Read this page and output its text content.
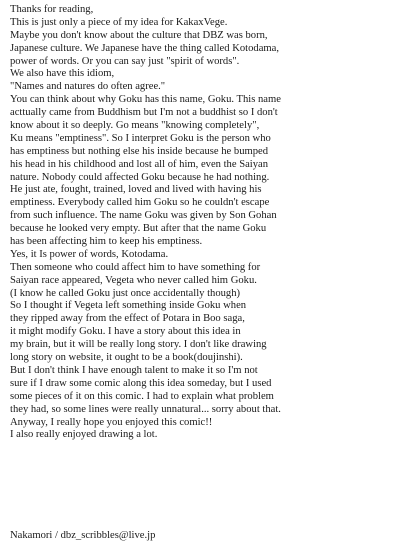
Thanks for reading,
This is just only a piece of my idea for KakaxVege.
Maybe you don't know about the culture that DBZ was born,
Japanese culture. We Japanese have the thing called Kotodama,
power of words. Or you can say just "spirit of words".
We also have this idiom,
"Names and natures do often agree."
You can think about why Goku has this name, Goku. This name
acttually came from Buddhism but I'm not a buddhist so I don't
know about it so deeply. Go means "knowing completely",
Ku means "emptiness". So I interpret Goku is the person who
has emptiness but nothing else his inside because he bumped
his head in his childhood and lost all of him, even the Saiyan
nature. Nobody could affected Goku because he had nothing.
He just ate, fought, trained, loved and lived with having his
emptiness. Everybody called him Goku so he couldn't escape
from such influence. The name Goku was given by Son Gohan
because he looked very empty. But after that the name Goku
has been affecting him to keep his emptiness.
Yes, it Is power of words, Kotodama.
Then someone who could affect him to have something for
Saiyan race appeared, Vegeta who never called him Goku.
(I know he called Goku just once accidentally though)
So I thought if Vegeta left something inside Goku when
they ripped away from the effect of Potara in Boo saga,
it might modify Goku. I have a story about this idea in
my brain, but it will be really long story. I don't like drawing
long story on website, it ought to be a book(doujinshi).
But I don't think I have enough talent to make it so I'm not
sure if I draw some comic along this idea someday, but I used
some pieces of it on this comic. I had to explain what problem
they had, so some lines were really unnatural... sorry about that.
Anyway, I really hope you enjoyed this comic!!
I also really enjoyed drawing a lot.
Nakamori / dbz_scribbles@live.jp
